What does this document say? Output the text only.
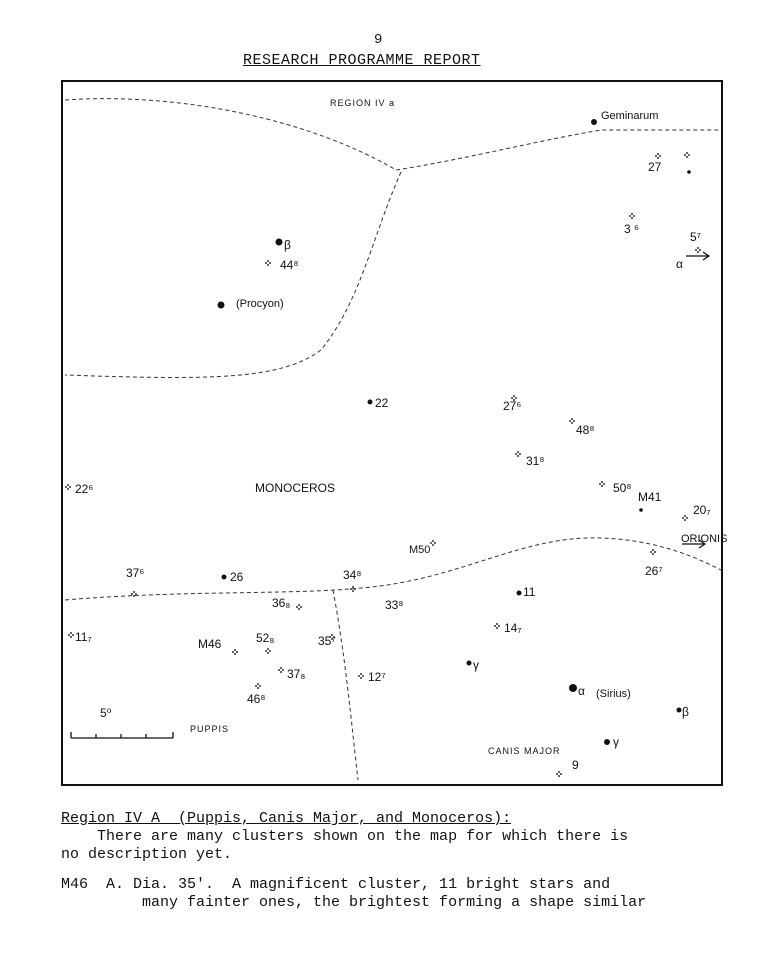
9
RESEARCH PROGRAMME REPORT
REGION IV a
Geminarum
β
44⁸
(Procyon)
27
3 ⁶
5⁷
α
22	27⁶
48⁸
31⁸
50⁸
22⁶	MONOCEROS
M41
20₇
ORIONIS
M50
26⁷
37⁶	26	34⁸
33⁸
36₈
11
11₇	M46	52₈	35⁷
14₇
γ
37₈	12⁷
α (Sirius)
46⁸
5⁰	β
PUPPIS
γ
CANIS MAJOR
9
Region IV A  (Puppis, Canis Major, and Monoceros):
There are many clusters shown on the map for which there is
no description yet.
M46  A. Dia. 35'.  A magnificent cluster, 11 bright stars and
many fainter ones, the brightest forming a shape similar
